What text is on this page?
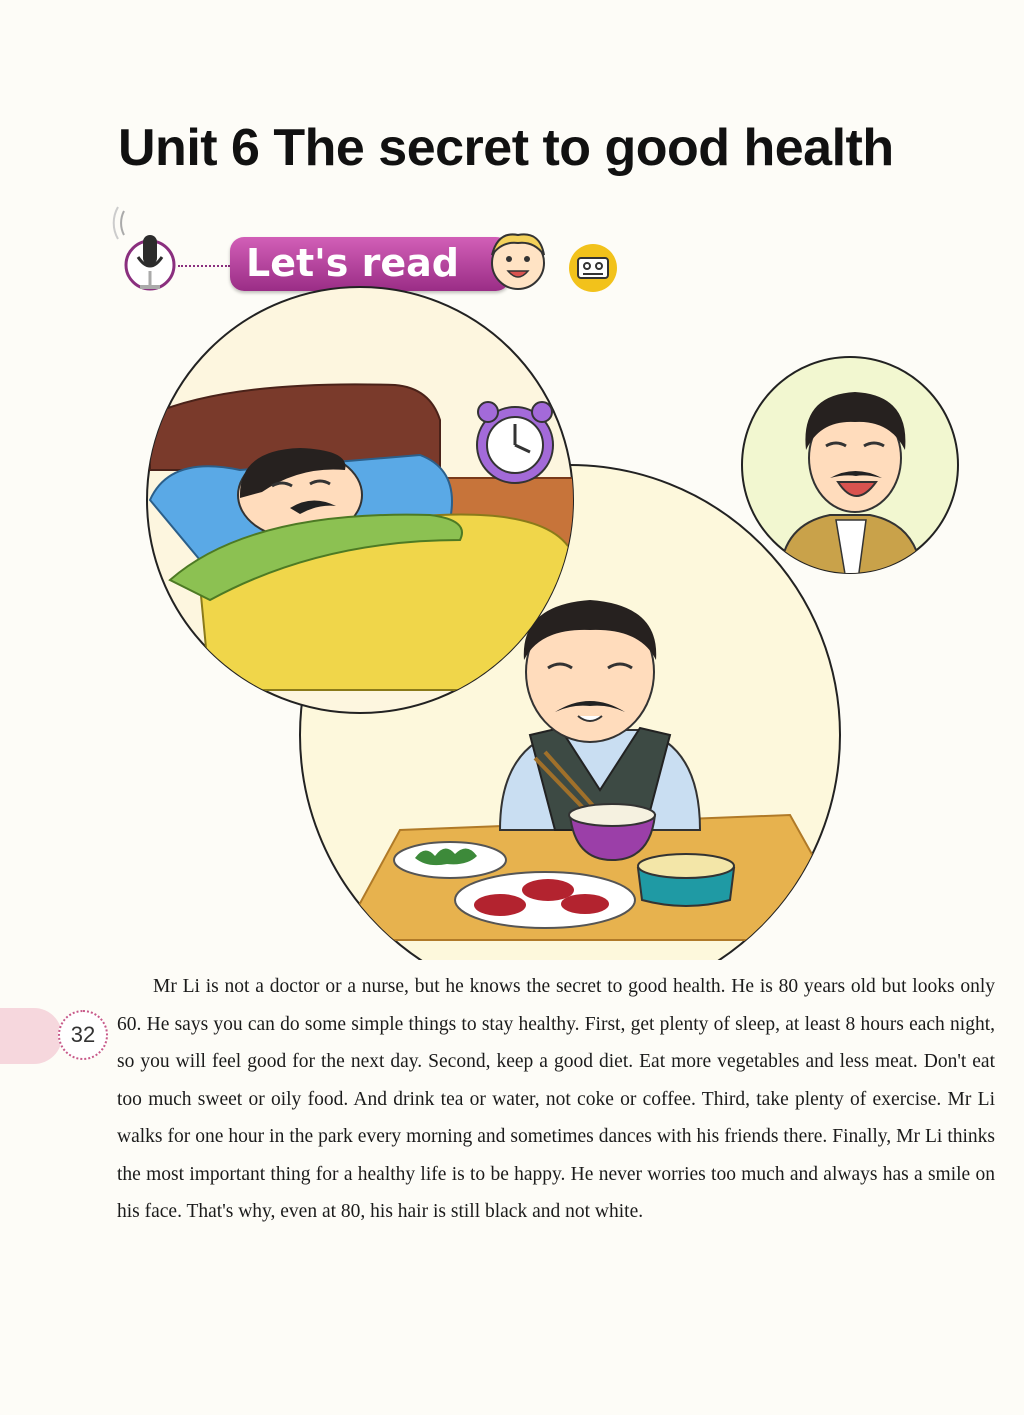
Unit 6 The secret to good health
Let's read

Mr Li is not a doctor or a nurse, but he knows the secret to good health. He is 80 years old but looks only 60. He says you can do some simple things to stay healthy. First, get plenty of sleep, at least 8 hours each night, so you will feel good for the next day. Second, keep a good diet. Eat more vegetables and less meat. Don't eat too much sweet or oily food. And drink tea or water, not coke or coffee. Third, take plenty of exercise. Mr Li walks for one hour in the park every morning and sometimes dances with his friends there. Finally, Mr Li thinks the most important thing for a healthy life is to be happy. He never worries too much and always has a smile on his face. That's why, even at 80, his hair is still black and not white.

32
